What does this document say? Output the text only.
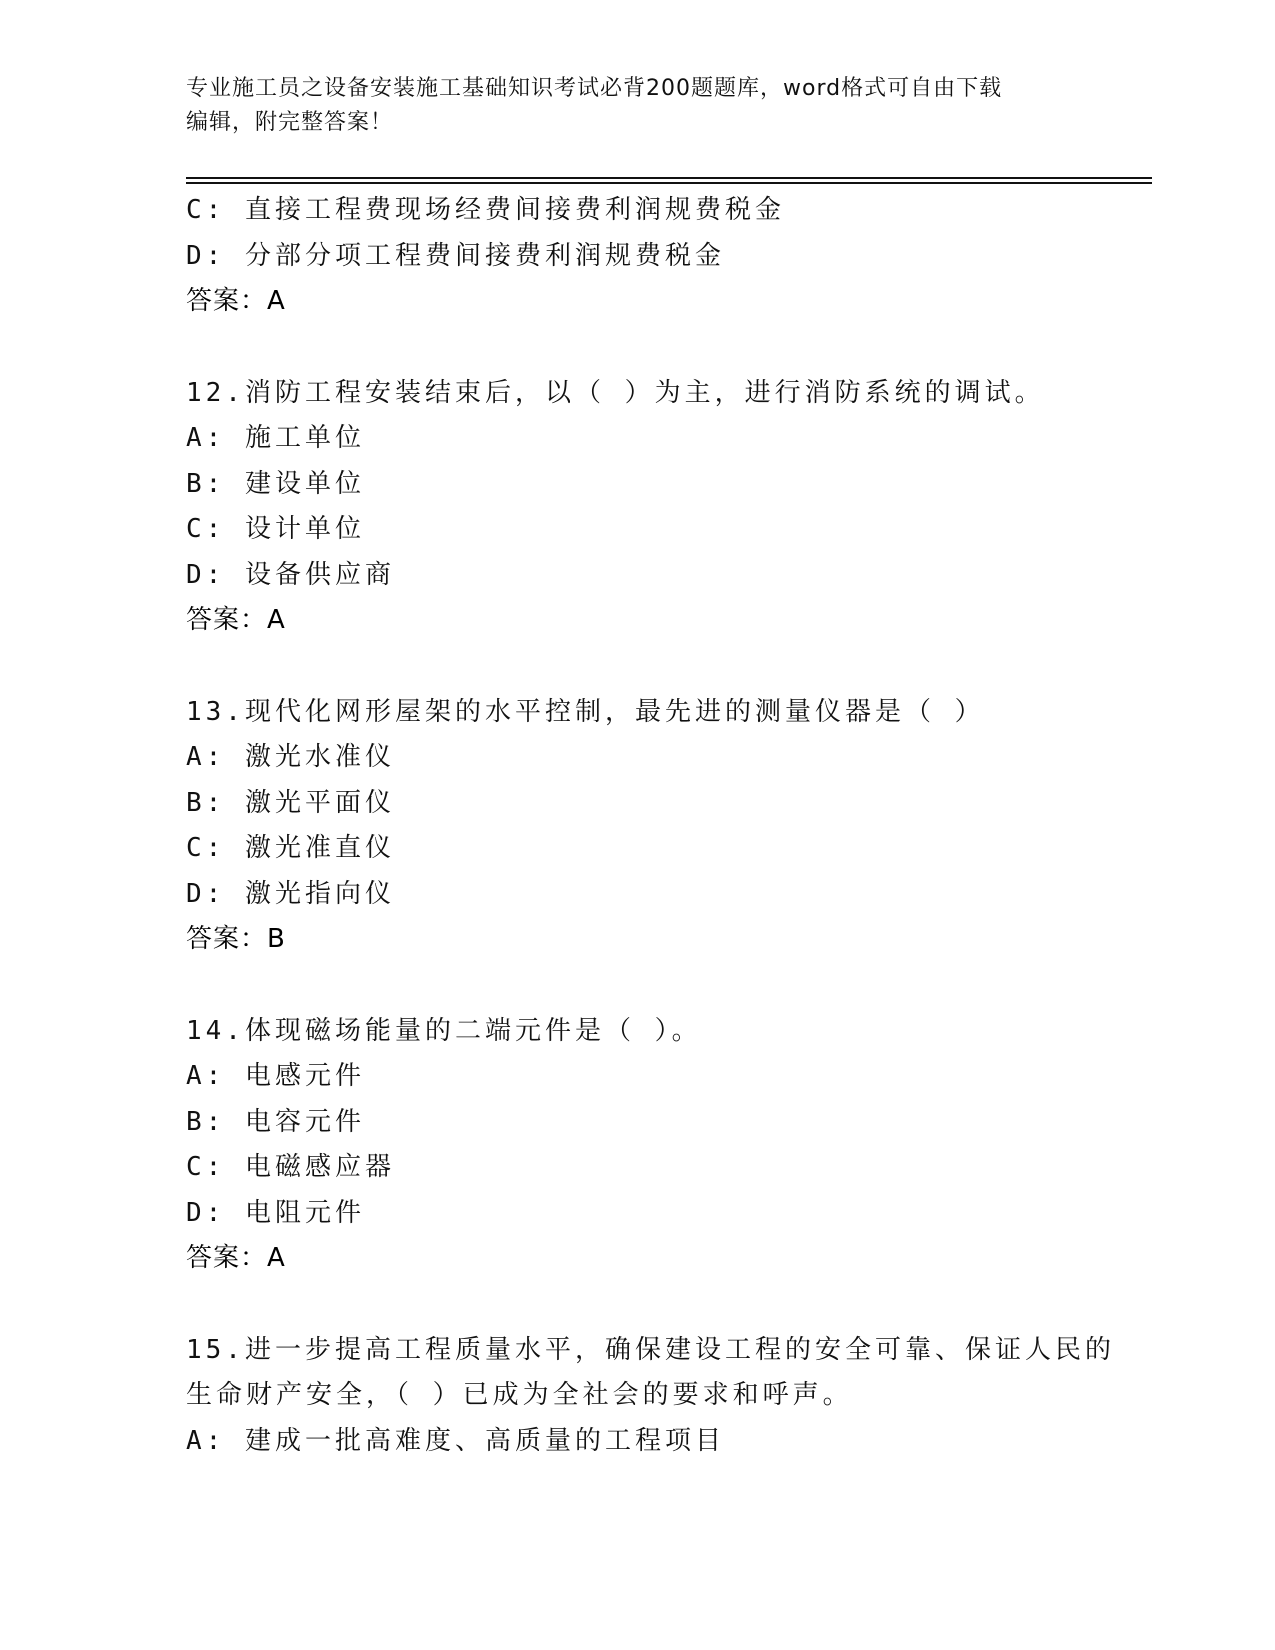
专业施工员之设备安装施工基础知识考试必背200题题库，word格式可自由下载
编辑，附完整答案！
C: 直接工程费现场经费间接费利润规费税金
D: 分部分项工程费间接费利润规费税金
答案：A
12.消防工程安装结束后，以（ ）为主，进行消防系统的调试。
A: 施工单位
B: 建设单位
C: 设计单位
D: 设备供应商
答案：A
13.现代化网形屋架的水平控制，最先进的测量仪器是（ ）
A: 激光水准仪
B: 激光平面仪
C: 激光准直仪
D: 激光指向仪
答案：B
14.体现磁场能量的二端元件是（ ）。
A: 电感元件
B: 电容元件
C: 电磁感应器
D: 电阻元件
答案：A
15.进一步提高工程质量水平，确保建设工程的安全可靠、保证人民的
生命财产安全，（ ）已成为全社会的要求和呼声。
A: 建成一批高难度、高质量的工程项目
